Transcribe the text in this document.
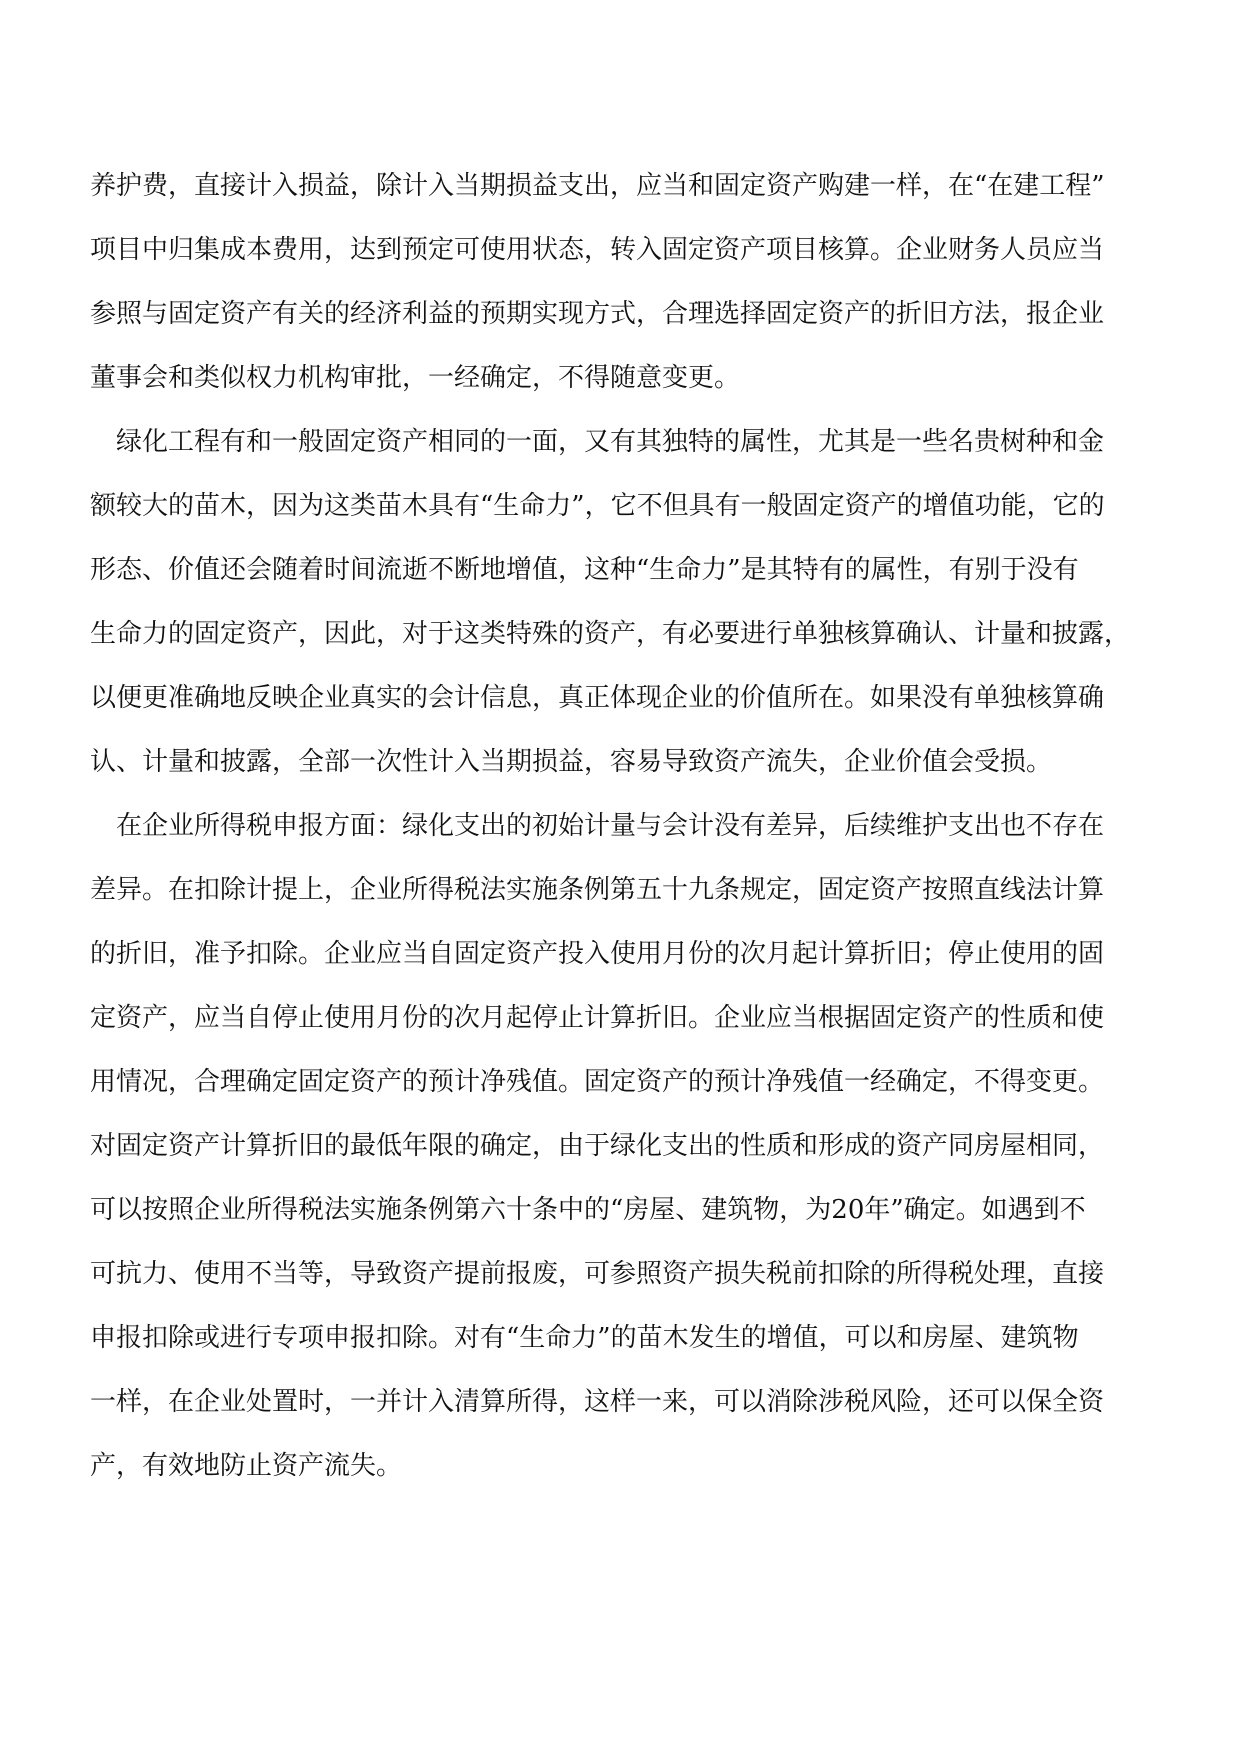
养护费，直接计入损益，除计入当期损益支出，应当和固定资产购建一样，在“在建工程”
项目中归集成本费用，达到预定可使用状态，转入固定资产项目核算。企业财务人员应当
参照与固定资产有关的经济利益的预期实现方式，合理选择固定资产的折旧方法，报企业
董事会和类似权力机构审批，一经确定，不得随意变更。
绿化工程有和一般固定资产相同的一面，又有其独特的属性，尤其是一些名贵树种和金
额较大的苗木，因为这类苗木具有“生命力”，它不但具有一般固定资产的增值功能，它的
形态、价值还会随着时间流逝不断地增值，这种“生命力”是其特有的属性，有别于没有
生命力的固定资产，因此，对于这类特殊的资产，有必要进行单独核算确认、计量和披露，
以便更准确地反映企业真实的会计信息，真正体现企业的价值所在。如果没有单独核算确
认、计量和披露，全部一次性计入当期损益，容易导致资产流失，企业价值会受损。
在企业所得税申报方面：绿化支出的初始计量与会计没有差异，后续维护支出也不存在
差异。在扣除计提上，企业所得税法实施条例第五十九条规定，固定资产按照直线法计算
的折旧，准予扣除。企业应当自固定资产投入使用月份的次月起计算折旧；停止使用的固
定资产，应当自停止使用月份的次月起停止计算折旧。企业应当根据固定资产的性质和使
用情况，合理确定固定资产的预计净残值。固定资产的预计净残值一经确定，不得变更。
对固定资产计算折旧的最低年限的确定，由于绿化支出的性质和形成的资产同房屋相同，
可以按照企业所得税法实施条例第六十条中的“房屋、建筑物，为20年”确定。如遇到不
可抗力、使用不当等，导致资产提前报废，可参照资产损失税前扣除的所得税处理，直接
申报扣除或进行专项申报扣除。对有“生命力”的苗木发生的增值，可以和房屋、建筑物
一样，在企业处置时，一并计入清算所得，这样一来，可以消除涉税风险，还可以保全资
产，有效地防止资产流失。
